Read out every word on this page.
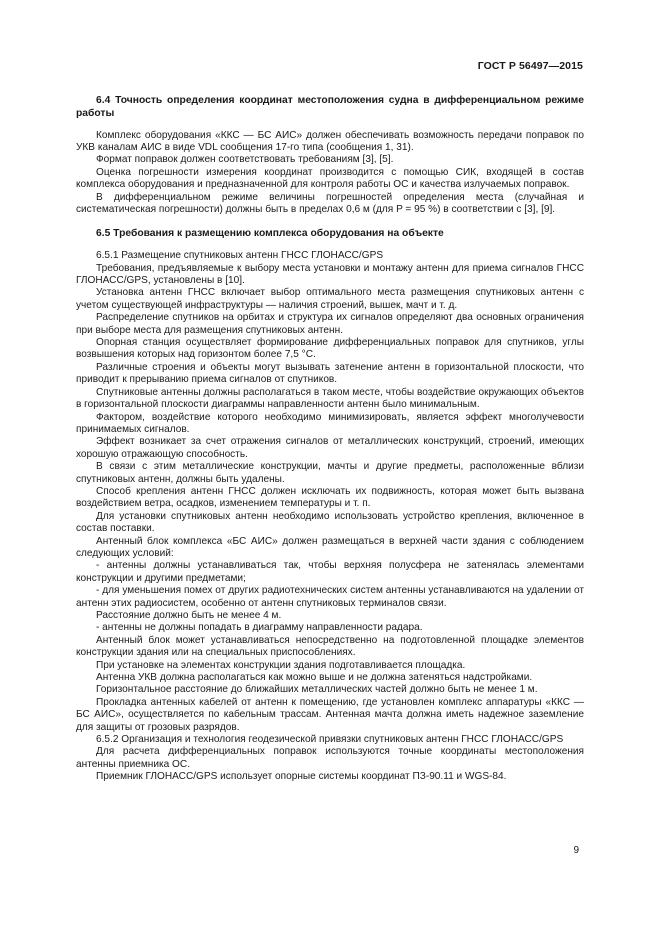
ГОСТ Р 56497—2015
6.4 Точность определения координат местоположения судна в дифференциальном режиме работы

Комплекс оборудования «ККС — БС АИС» должен обеспечивать возможность передачи поправок по УКВ каналам АИС в виде VDL сообщения 17-го типа (сообщения 1, 31).

Формат поправок должен соответствовать требованиям [3], [5].

Оценка погрешности измерения координат производится с помощью СИК, входящей в состав комплекса оборудования и предназначенной для контроля работы ОС и качества излучаемых поправок.

В дифференциальном режиме величины погрешностей определения места (случайная и систематическая погрешности) должны быть в пределах 0,6 м (для P = 95 %) в соответствии с [3], [9].

6.5 Требования к размещению комплекса оборудования на объекте

6.5.1 Размещение спутниковых антенн ГНСС ГЛОНАСС/GPS

Требования, предъявляемые к выбору места установки и монтажу антенн для приема сигналов ГНСС ГЛОНАСС/GPS, установлены в [10].

Установка антенн ГНСС включает выбор оптимального места размещения спутниковых антенн с учетом существующей инфраструктуры — наличия строений, вышек, мачт и т. д.

Распределение спутников на орбитах и структура их сигналов определяют два основных ограничения при выборе места для размещения спутниковых антенн.

Опорная станция осуществляет формирование дифференциальных поправок для спутников, углы возвышения которых над горизонтом более 7,5 °С.

Различные строения и объекты могут вызывать затенение антенн в горизонтальной плоскости, что приводит к прерыванию приема сигналов от спутников.

Спутниковые антенны должны располагаться в таком месте, чтобы воздействие окружающих объектов в горизонтальной плоскости диаграммы направленности антенн было минимальным.

Фактором, воздействие которого необходимо минимизировать, является эффект многолучевости принимаемых сигналов.

Эффект возникает за счет отражения сигналов от металлических конструкций, строений, имеющих хорошую отражающую способность.

В связи с этим металлические конструкции, мачты и другие предметы, расположенные вблизи спутниковых антенн, должны быть удалены.

Способ крепления антенн ГНСС должен исключать их подвижность, которая может быть вызвана воздействием ветра, осадков, изменением температуры и т. п.

Для установки спутниковых антенн необходимо использовать устройство крепления, включенное в состав поставки.

Антенный блок комплекса «БС АИС» должен размещаться в верхней части здания с соблюдением следующих условий:

- антенны должны устанавливаться так, чтобы верхняя полусфера не затенялась элементами конструкции и другими предметами;

- для уменьшения помех от других радиотехнических систем антенны устанавливаются на удалении от антенн этих радиосистем, особенно от антенн спутниковых терминалов связи.

Расстояние должно быть не менее 4 м.

- антенны не должны попадать в диаграмму направленности радара.

Антенный блок может устанавливаться непосредственно на подготовленной площадке элементов конструкции здания или на специальных приспособлениях.

При установке на элементах конструкции здания подготавливается площадка.

Антенна УКВ должна располагаться как можно выше и не должна затеняться надстройками.

Горизонтальное расстояние до ближайших металлических частей должно быть не менее 1 м.

Прокладка антенных кабелей от антенн к помещению, где установлен комплекс аппаратуры «ККС — БС АИС», осуществляется по кабельным трассам. Антенная мачта должна иметь надежное заземление для защиты от грозовых разрядов.

6.5.2 Организация и технология геодезической привязки спутниковых антенн ГНСС ГЛОНАСС/GPS

Для расчета дифференциальных поправок используются точные координаты местоположения антенны приемника ОС.

Приемник ГЛОНАСС/GPS использует опорные системы координат ПЗ-90.11 и WGS-84.

9
